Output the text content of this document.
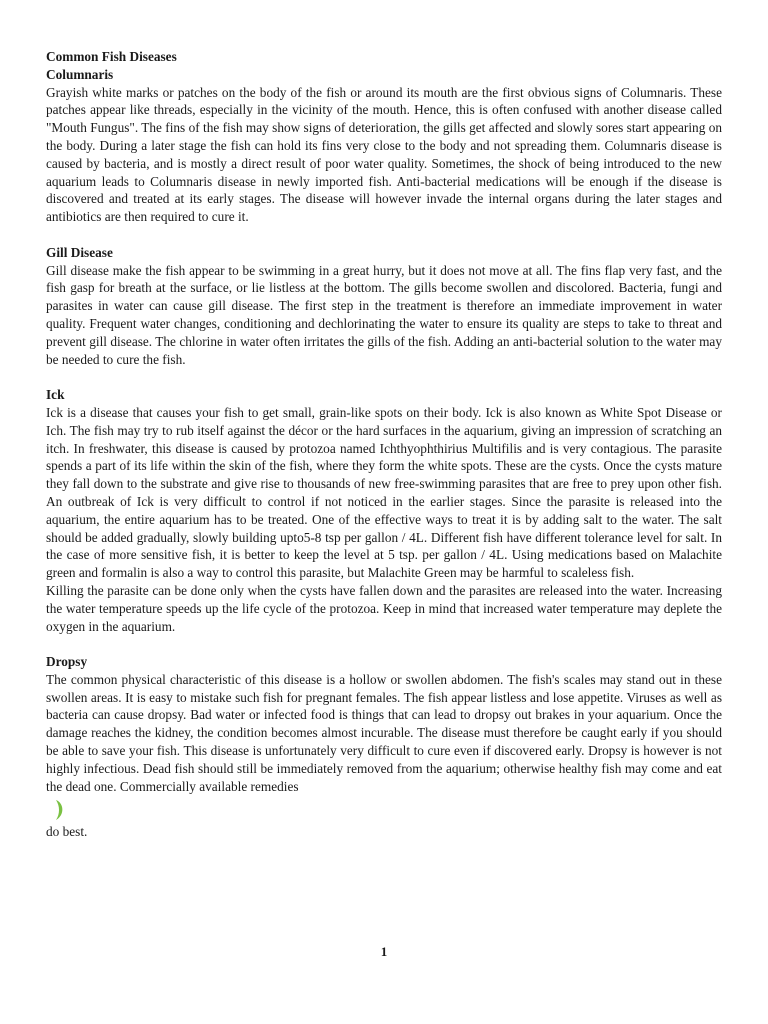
Common Fish Diseases
Columnaris

Grayish white marks or patches on the body of the fish or around its mouth are the first obvious signs of Columnaris. These patches appear like threads, especially in the vicinity of the mouth. Hence, this is often confused with another disease called "Mouth Fungus". The fins of the fish may show signs of deterioration, the gills get affected and slowly sores start appearing on the body. During a later stage the fish can hold its fins very close to the body and not spreading them. Columnaris disease is caused by bacteria, and is mostly a direct result of poor water quality. Sometimes, the shock of being introduced to the new aquarium leads to Columnaris disease in newly imported fish. Anti-bacterial medications will be enough if the disease is discovered and treated at its early stages. The disease will however invade the internal organs during the later stages and antibiotics are then required to cure it.

Gill Disease

Gill disease make the fish appear to be swimming in a great hurry, but it does not move at all. The fins flap very fast, and the fish gasp for breath at the surface, or lie listless at the bottom. The gills become swollen and discolored. Bacteria, fungi and parasites in water can cause gill disease. The first step in the treatment is therefore an immediate improvement in water quality. Frequent water changes, conditioning and dechlorinating the water to ensure its quality are steps to take to threat and prevent gill disease. The chlorine in water often irritates the gills of the fish. Adding an anti-bacterial solution to the water may be needed to cure the fish.

Ick

Ick is a disease that causes your fish to get small, grain-like spots on their body. Ick is also known as White Spot Disease or Ich. The fish may try to rub itself against the décor or the hard surfaces in the aquarium, giving an impression of scratching an itch. In freshwater, this disease is caused by protozoa named Ichthyophthirius Multifilis and is very contagious. The parasite spends a part of its life within the skin of the fish, where they form the white spots. These are the cysts. Once the cysts mature they fall down to the substrate and give rise to thousands of new free-swimming parasites that are free to prey upon other fish. An outbreak of Ick is very difficult to control if not noticed in the earlier stages. Since the parasite is released into the aquarium, the entire aquarium has to be treated. One of the effective ways to treat it is by adding salt to the water. The salt should be added gradually, slowly building upto5-8 tsp per gallon / 4L. Different fish have different tolerance level for salt. In the case of more sensitive fish, it is better to keep the level at 5 tsp. per gallon / 4L. Using medications based on Malachite green and formalin is also a way to control this parasite, but Malachite Green may be harmful to scaleless fish.

Killing the parasite can be done only when the cysts have fallen down and the parasites are released into the water. Increasing the water temperature speeds up the life cycle of the protozoa. Keep in mind that increased water temperature may deplete the oxygen in the aquarium.

Dropsy

The common physical characteristic of this disease is a hollow or swollen abdomen. The fish's scales may stand out in these swollen areas. It is easy to mistake such fish for pregnant females. The fish appear listless and lose appetite. Viruses as well as bacteria can cause dropsy. Bad water or infected food is things that can lead to dropsy out brakes in your aquarium. Once the damage reaches the kidney, the condition becomes almost incurable. The disease must therefore be caught early if you should be able to save your fish. This disease is unfortunately very difficult to cure even if discovered early. Dropsy is however is not highly infectious. Dead fish should still be immediately removed from the aquarium; otherwise healthy fish may come and eat the dead one. Commercially available remedies

do best.

1
